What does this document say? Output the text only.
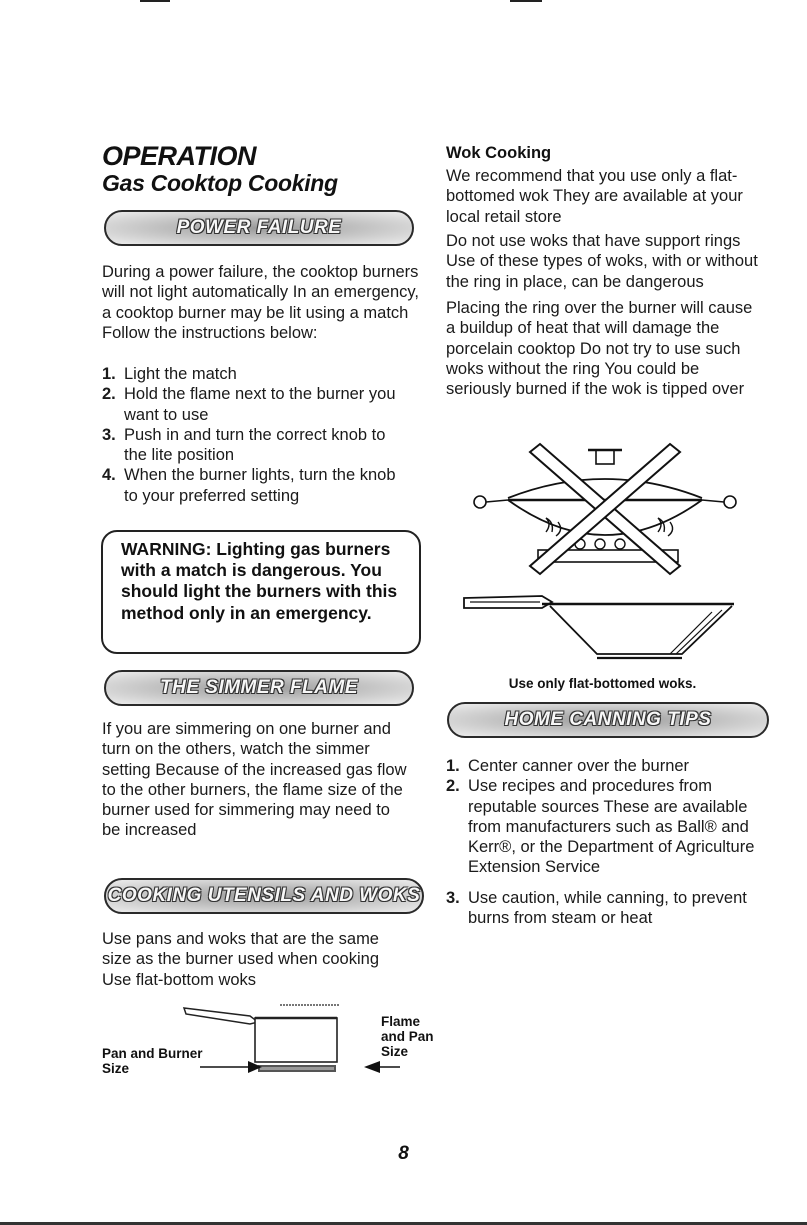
OPERATION
Gas Cooktop Cooking
POWER FAILURE

During a power failure, the cooktop burners will not light automatically In an emergency, a cooktop burner may be lit using a match Follow the instructions below:

1. Light the match
2. Hold the flame next to the burner you want to use
3. Push in and turn the correct knob to the lite position
4. When the burner lights, turn the knob to your preferred setting
WARNING: Lighting gas burners with a match is dangerous. You should light the burners with this method only in an emergency.
THE SIMMER FLAME

If you are simmering on one burner and turn on the others, watch the simmer setting Because of the increased gas flow to the other burners, the flame size of the burner used for simmering may need to be increased

COOKING UTENSILS AND WOKS

Use pans and woks that are the same size as the burner used when cooking Use flat-bottom woks

Pan and Burner Size
Flame and Pan Size
Wok Cooking

We recommend that you use only a flat-bottomed wok They are available at your local retail store

Do not use woks that have support rings Use of these types of woks, with or without the ring in place, can be dangerous

Placing the ring over the burner will cause a buildup of heat that will damage the porcelain cooktop Do not try to use such woks without the ring You could be seriously burned if the wok is tipped over

Use only flat-bottomed woks.

HOME CANNING TIPS
1. Center canner over the burner
2. Use recipes and procedures from reputable sources These are available from manufacturers such as Ball® and Kerr®, or the Department of Agriculture Extension Service
3. Use caution, while canning, to prevent burns from steam or heat

8
